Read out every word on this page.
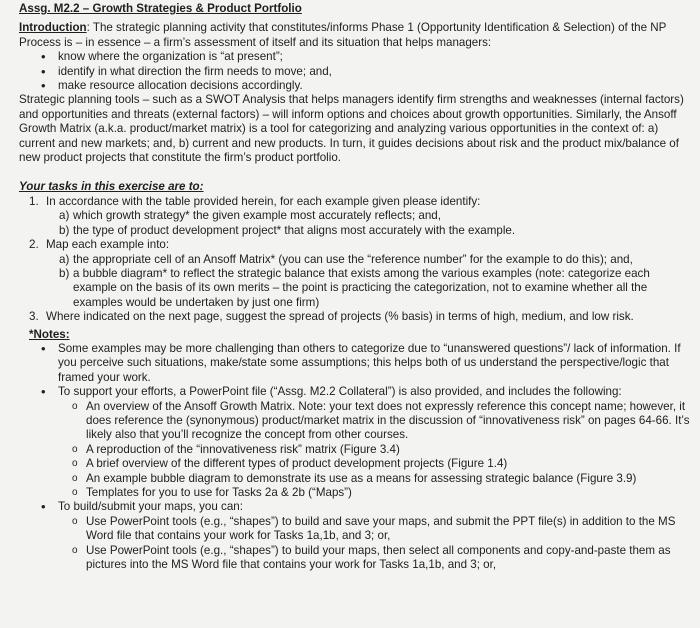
Assg. M2.2 – Growth Strategies & Product Portfolio

Introduction: The strategic planning activity that constitutes/informs Phase 1 (Opportunity Identification & Selection) of the NP Process is – in essence – a firm’s assessment of itself and its situation that helps managers:

• know where the organization is “at present”;
• identify in what direction the firm needs to move; and,
• make resource allocation decisions accordingly.

Strategic planning tools – such as a SWOT Analysis that helps managers identify firm strengths and weaknesses (internal factors) and opportunities and threats (external factors) – will inform options and choices about growth opportunities. Similarly, the Ansoff Growth Matrix (a.k.a. product/market matrix) is a tool for categorizing and analyzing various opportunities in the context of: a) current and new markets; and, b) current and new products. In turn, it guides decisions about risk and the product mix/balance of new product projects that constitute the firm’s product portfolio.

Your tasks in this exercise are to:
1. In accordance with the table provided herein, for each example given please identify:
a) which growth strategy* the given example most accurately reflects; and,
b) the type of product development project* that aligns most accurately with the example.
2. Map each example into:
a) the appropriate cell of an Ansoff Matrix* (you can use the “reference number” for the example to do this); and,
b) a bubble diagram* to reflect the strategic balance that exists among the various examples (note: categorize each example on the basis of its own merits – the point is practicing the categorization, not to examine whether all the examples would be undertaken by just one firm)
3. Where indicated on the next page, suggest the spread of projects (% basis) in terms of high, medium, and low risk.
*Notes:
• Some examples may be more challenging than others to categorize due to “unanswered questions”/ lack of information. If you perceive such situations, make/state some assumptions; this helps both of us understand the perspective/logic that framed your work.
• To support your efforts, a PowerPoint file (“Assg. M2.2 Collateral”) is also provided, and includes the following:
o An overview of the Ansoff Growth Matrix. Note: your text does not expressly reference this concept name; however, it does reference the (synonymous) product/market matrix in the discussion of “innovativeness risk” on pages 64-66. It’s likely also that you’ll recognize the concept from other courses.
o A reproduction of the “innovativeness risk” matrix (Figure 3.4)
o A brief overview of the different types of product development projects (Figure 1.4)
o An example bubble diagram to demonstrate its use as a means for assessing strategic balance (Figure 3.9)
o Templates for you to use for Tasks 2a & 2b (“Maps”)
• To build/submit your maps, you can:
o Use PowerPoint tools (e.g., “shapes”) to build and save your maps, and submit the PPT file(s) in addition to the MS Word file that contains your work for Tasks 1a,1b, and 3; or,
o Use PowerPoint tools (e.g., “shapes”) to build your maps, then select all components and copy-and-paste them as pictures into the MS Word file that contains your work for Tasks 1a,1b, and 3; or,
